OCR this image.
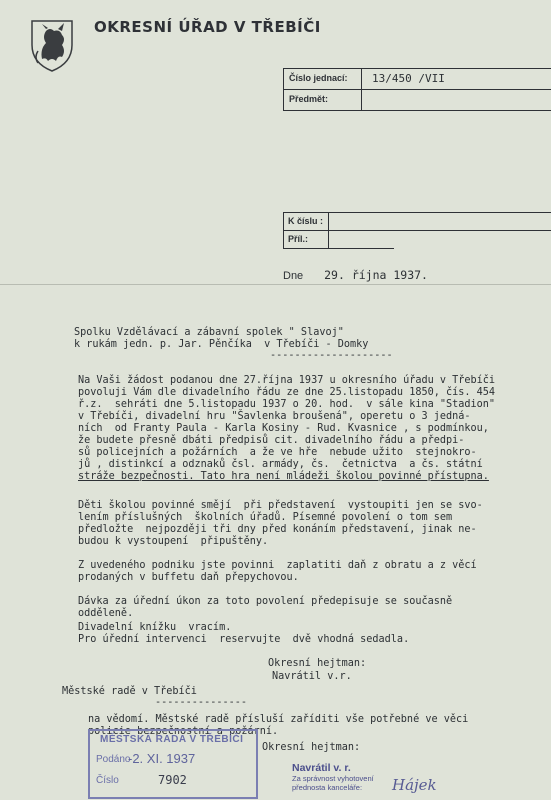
OKRESNÍ ÚŘAD V TŘEBÍČI
Číslo jednací: 13/450 /VII
Předmět:
K číslu :
Příl.:
Dne 29. října 1937.
Spolku Vzdělávací a zábavní spolek " Slavoj"
k rukám jedn. p. Jar. Pěnčíka  v Třebíči - Domky
--------------------
Na Vaši žádost podanou dne 27.října 1937 u okresního úřadu v Třebíči
povoluji Vám dle divadelního řádu ze dne 25.listopadu 1850, čís. 454
ř.z.  sehráti dne 5.listopadu 1937 o 20. hod.  v sále kina "Stadion"
v Třebíči, divadelní hru "Šavlenka broušená", operetu o 3 jedná-
ních  od Franty Paula - Karla Kosiny - Rud. Kvasnice , s podmínkou,
že budete přesně dbáti předpisů cit. divadelního řádu a předpi-
sů policejních a požárních  a že ve hře  nebude užito  stejnokro-
jů , distinkcí a odznaků čsl. armády, čs.  četnictva  a čs. státní
stráže bezpečnosti. Tato hra není mládeži školou povinné přístupna.
Děti školou povinné smějí  při představení  vystoupiti jen se svo-
lením příslušných  školních úřadů. Písemné povolení o tom sem
předložte  nejpozději tři dny před konáním představení, jinak ne-
budou k vystoupení  připuštěny.
Z uvedeného podniku jste povinni  zaplatiti daň z obratu a z věcí
prodaných v buffetu daň přepychovou.
Dávka za úřední úkon za toto povolení předepisuje se současně
odděleně.
Divadelní knížku  vracím.
Pro úřední intervenci  reservujte  dvě vhodná sedadla.
Okresní hejtman:
Navrátil v.r.
Městské radě v Třebíči
---------------
na vědomí. Městské radě přísluší zaříditi vše potřebné ve věci
policie bezpečnostní a požární.
MĚSTSKÁ RADA V TŘEBÍČI
Podáno
-2. XI. 1937
Číslo	7902
Okresní hejtman:
Navrátil v. r.
Za správnost vyhotovení
přednosta kanceláře:	Hájek
